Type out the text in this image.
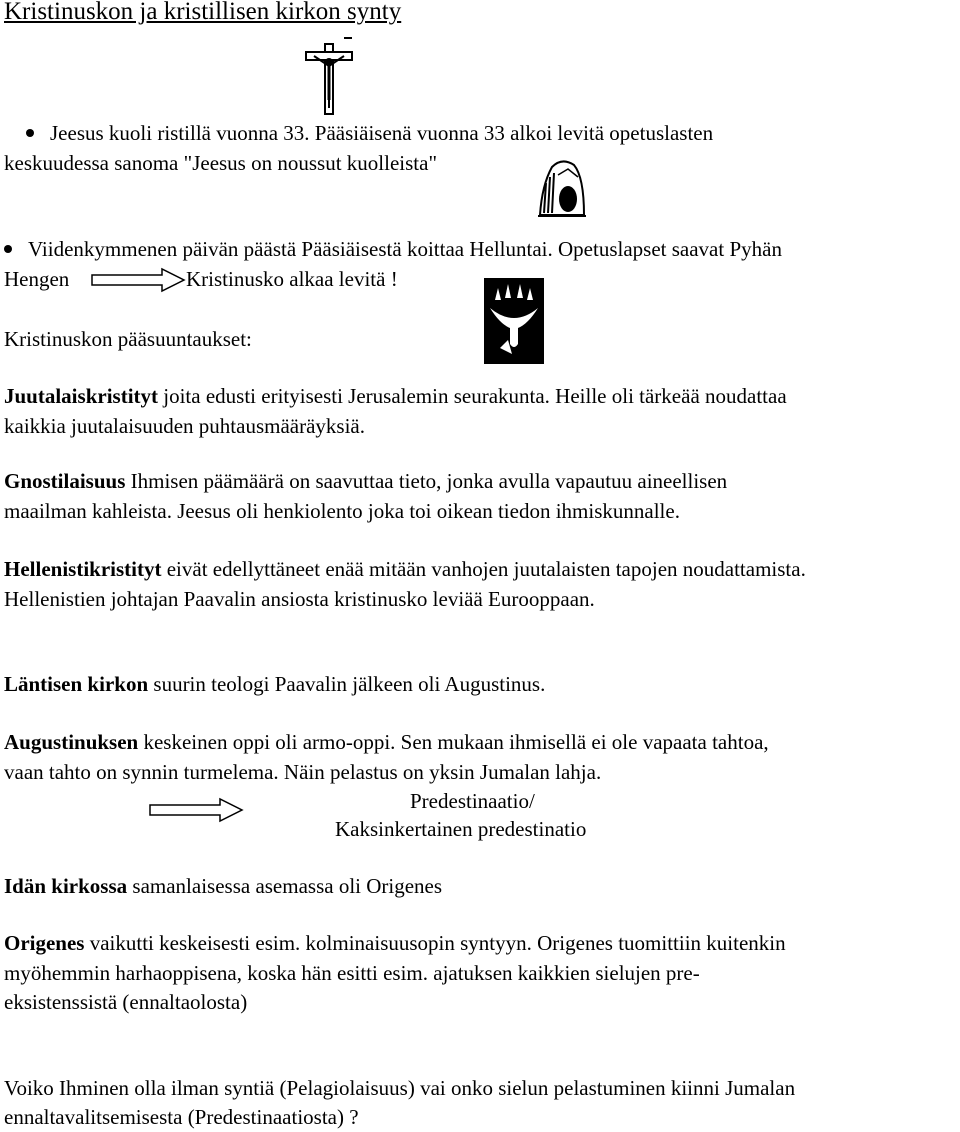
Kristinuskon ja kristillisen kirkon synty
Jeesus kuoli ristillä vuonna 33. Pääsiäisenä vuonna 33 alkoi levitä opetuslasten
keskuudessa sanoma "Jeesus on noussut kuolleista"
Viidenkymmenen päivän päästä Pääsiäisestä koittaa Helluntai. Opetuslapset saavat Pyhän
Hengen	Kristinusko alkaa levitä !
Kristinuskon pääsuuntaukset:
Juutalaiskristityt joita edusti erityisesti Jerusalemin seurakunta. Heille oli tärkeää noudattaa
kaikkia juutalaisuuden puhtausmääräyksiä.
Gnostilaisuus Ihmisen päämäärä on saavuttaa tieto, jonka avulla vapautuu aineellisen
maailman kahleista. Jeesus oli henkiolento joka toi oikean tiedon ihmiskunnalle.
Hellenistikristityt eivät edellyttäneet enää mitään vanhojen juutalaisten tapojen noudattamista.
Hellenistien johtajan Paavalin ansiosta kristinusko leviää Eurooppaan.
Läntisen kirkon suurin teologi Paavalin jälkeen oli Augustinus.
Augustinuksen keskeinen oppi oli armo-oppi. Sen mukaan ihmisellä ei ole vapaata tahtoa,
vaan tahto on synnin turmelema. Näin pelastus on yksin Jumalan lahja.
Predestinaatio/
Kaksinkertainen predestinatio
Idän kirkossa samanlaisessa asemassa oli Origenes
Origenes vaikutti keskeisesti esim. kolminaisuusopin syntyyn. Origenes tuomittiin kuitenkin
myöhemmin harhaoppisena, koska hän esitti esim. ajatuksen kaikkien sielujen pre-
eksistenssistä (ennaltaolosta)
Voiko Ihminen olla ilman syntiä (Pelagiolaisuus) vai onko sielun pelastuminen kiinni Jumalan
ennaltavalitsemisesta (Predestinaatiosta) ?
